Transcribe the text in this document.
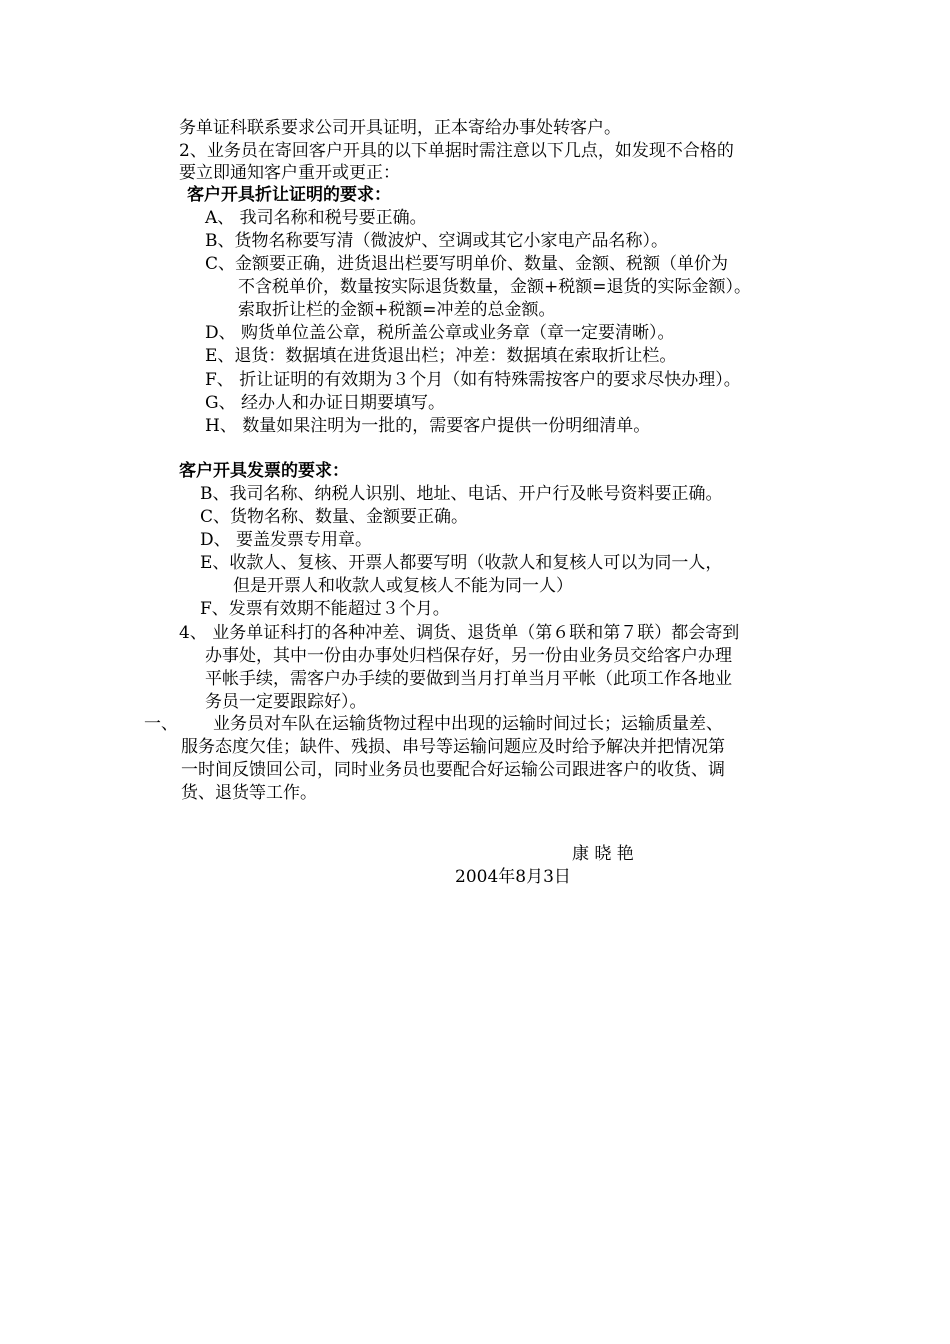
务单证科联系要求公司开具证明，正本寄给办事处转客户。
2、业务员在寄回客户开具的以下单据时需注意以下几点，如发现不合格的
要立即通知客户重开或更正：
客户开具折让证明的要求：
A、 我司名称和税号要正确。
B、货物名称要写清（微波炉、空调或其它小家电产品名称）。
C、金额要正确，进货退出栏要写明单价、数量、金额、税额（单价为
不含税单价，数量按实际退货数量，金额+税额=退货的实际金额）。
索取折让栏的金额+税额=冲差的总金额。
D、 购货单位盖公章，税所盖公章或业务章（章一定要清晰）。
E、退货：数据填在进货退出栏；冲差：数据填在索取折让栏。
F、 折让证明的有效期为３个月（如有特殊需按客户的要求尽快办理）。
G、 经办人和办证日期要填写。
H、 数量如果注明为一批的，需要客户提供一份明细清单。
客户开具发票的要求：
B、我司名称、纳税人识别、地址、电话、开户行及帐号资料要正确。
C、货物名称、数量、金额要正确。
D、 要盖发票专用章。
E、收款人、复核、开票人都要写明（收款人和复核人可以为同一人，
但是开票人和收款人或复核人不能为同一人）
F、发票有效期不能超过３个月。
4、 业务单证科打的各种冲差、调货、退货单（第６联和第７联）都会寄到
办事处，其中一份由办事处归档保存好，另一份由业务员交给客户办理
平帐手续，需客户办手续的要做到当月打单当月平帐（此项工作各地业
务员一定要跟踪好）。
一、 业务员对车队在运输货物过程中出现的运输时间过长；运输质量差、
服务态度欠佳；缺件、残损、串号等运输问题应及时给予解决并把情况第
一时间反馈回公司，同时业务员也要配合好运输公司跟进客户的收货、调
货、退货等工作。
康 晓 艳
2004年8月3日
